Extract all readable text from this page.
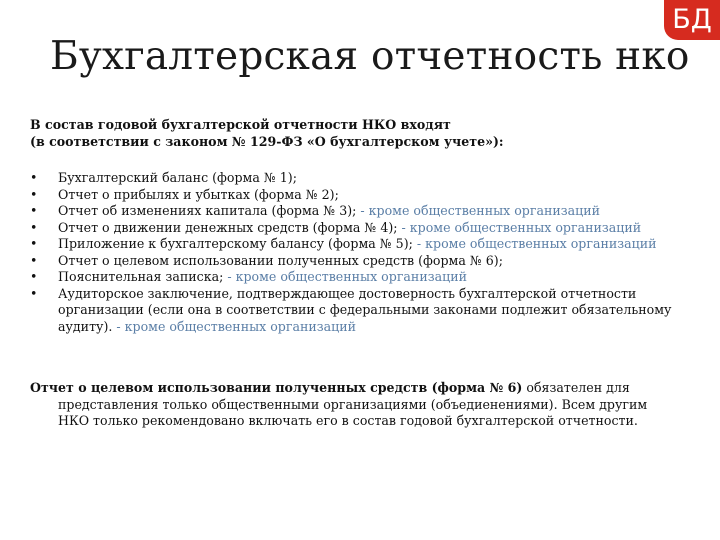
БД
Бухгалтерская отчетность нко
В состав годовой бухгалтерской отчетности НКО входят
(в соответствии с законом № 129-ФЗ «О бухгалтерском учете»):
• Бухгалтерский баланс (форма № 1);
• Отчет о прибылях и убытках (форма № 2);
• Отчет об изменениях капитала (форма № 3); - кроме общественных организаций
• Отчет о движении денежных средств (форма № 4); - кроме общественных организаций
• Приложение к бухгалтерскому балансу (форма № 5); - кроме общественных организаций
• Отчет о целевом использовании полученных средств (форма № 6);
• Пояснительная записка; - кроме общественных организаций
• Аудиторское заключение, подтверждающее достоверность бухгалтерской отчетности организации (если она в соответствии с федеральными законами подлежит обязательному аудиту). - кроме общественных организаций
Отчет о целевом использовании полученных средств (форма № 6) обязателен для
представления только общественными организациями (объедиенениями). Всем другим
НКО только рекомендовано включать его в состав годовой бухгалтерской отчетности.
